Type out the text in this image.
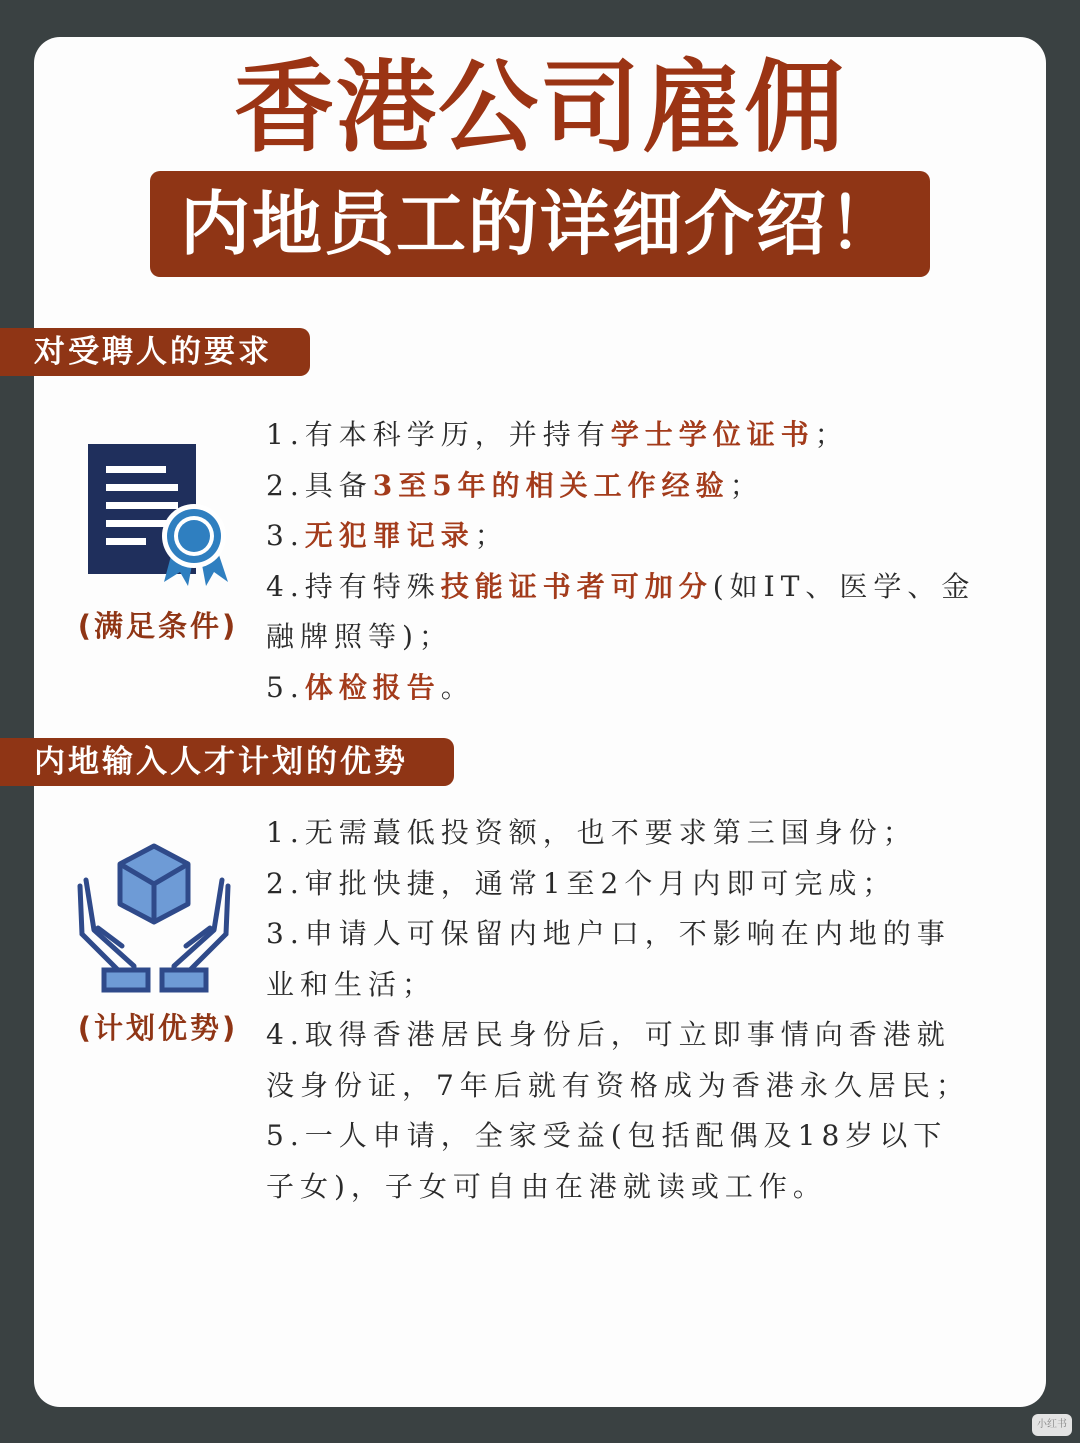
香港公司雇佣
内地员工的详细介绍！
对受聘人的要求
(满足条件)
1.有本科学历，并持有学士学位证书；
2.具备3至5年的相关工作经验；
3.无犯罪记录；
4.持有特殊技能证书者可加分(如IT、医学、金融牌照等)；
5.体检报告。
内地输入人才计划的优势
(计划优势)
1.无需蕞低投资额，也不要求第三国身份；
2.审批快捷，通常1至2个月内即可完成；
3.申请人可保留内地户口，不影响在内地的事业和生活；
4.取得香港居民身份后，可立即事情向香港就没身份证，7年后就有资格成为香港永久居民；
5.一人申请，全家受益(包括配偶及18岁以下子女)，子女可自由在港就读或工作。
小红书
